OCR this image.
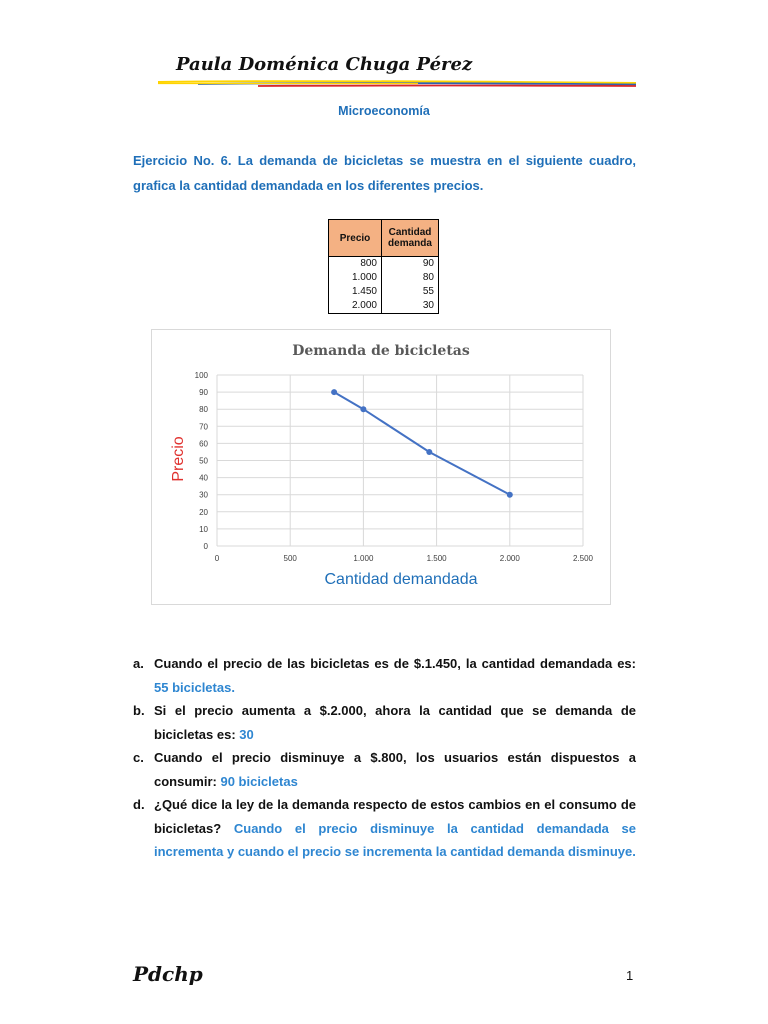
Paula Doménica Chuga Pérez
Microeconomía
Ejercicio No. 6. La demanda de bicicletas se muestra en el siguiente cuadro, grafica la cantidad demandada en los diferentes precios.
Precio	Cantidad
demanda
800	90
1.000	80
1.450	55
2.000	30
0
10
20
30
40
50
60
70
80
90
100
0	500	1.000	1.500	2.000	2.500
Demanda de bicicletas
Cantidad demandada
Precio
a. Cuando el precio de las bicicletas es de $.1.450, la cantidad demandada es: 55 bicicletas.
b. Si el precio aumenta a $.2.000, ahora la cantidad que se demanda de bicicletas es: 30
c. Cuando el precio disminuye a $.800, los usuarios están dispuestos a consumir: 90 bicicletas
d. ¿Qué dice la ley de la demanda respecto de estos cambios en el consumo de bicicletas? Cuando el precio disminuye la cantidad demandada se incrementa y cuando el precio se incrementa la cantidad demanda disminuye.
Pdchp	1
